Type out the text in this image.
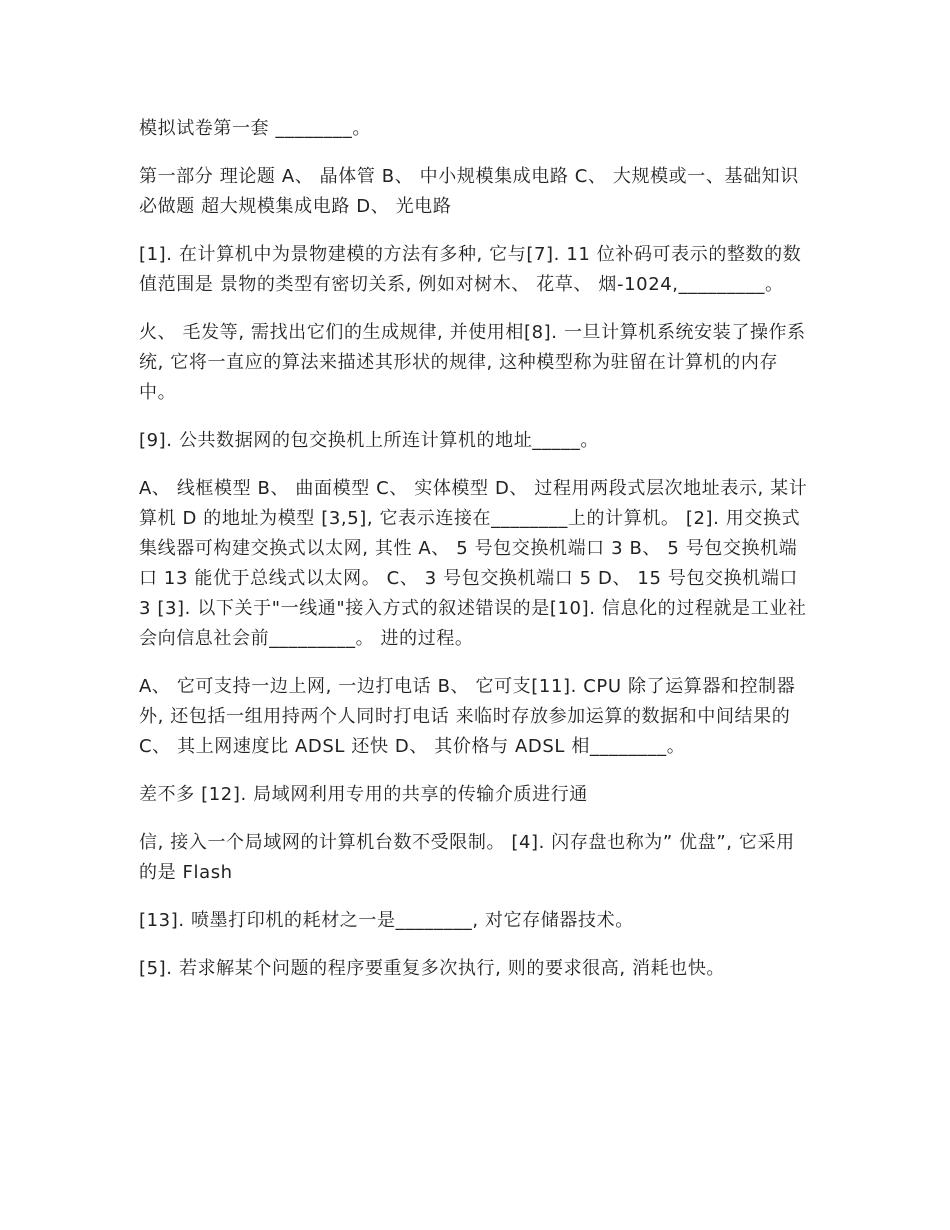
模拟试卷第一套 ________。

第一部分 理论题 A、 晶体管 B、 中小规模集成电路 C、 大规模或一、基础知识必做题 超大规模集成电路 D、 光电路

[1]. 在计算机中为景物建模的方法有多种, 它与[7]. 11 位补码可表示的整数的数值范围是 景物的类型有密切关系, 例如对树木、 花草、 烟-1024,_________。

火、 毛发等, 需找出它们的生成规律, 并使用相[8]. 一旦计算机系统安装了操作系统, 它将一直应的算法来描述其形状的规律, 这种模型称为驻留在计算机的内存中。

[9]. 公共数据网的包交换机上所连计算机的地址_____。

A、 线框模型 B、 曲面模型 C、 实体模型 D、 过程用两段式层次地址表示, 某计算机 D 的地址为模型 [3,5], 它表示连接在________上的计算机。 [2]. 用交换式集线器可构建交换式以太网, 其性 A、 5 号包交换机端口 3 B、 5 号包交换机端口 13 能优于总线式以太网。 C、 3 号包交换机端口 5 D、 15 号包交换机端口 3 [3]. 以下关于"一线通"接入方式的叙述错误的是[10]. 信息化的过程就是工业社会向信息社会前_________。 进的过程。

A、 它可支持一边上网, 一边打电话 B、 它可支[11]. CPU 除了运算器和控制器外, 还包括一组用持两个人同时打电话 来临时存放参加运算的数据和中间结果的 C、 其上网速度比 ADSL 还快 D、 其价格与 ADSL 相________。

差不多 [12]. 局域网利用专用的共享的传输介质进行通

信, 接入一个局域网的计算机台数不受限制。 [4]. 闪存盘也称为” 优盘”, 它采用的是 Flash

[13]. 喷墨打印机的耗材之一是________, 对它存储器技术。

[5]. 若求解某个问题的程序要重复多次执行, 则的要求很高, 消耗也快。
